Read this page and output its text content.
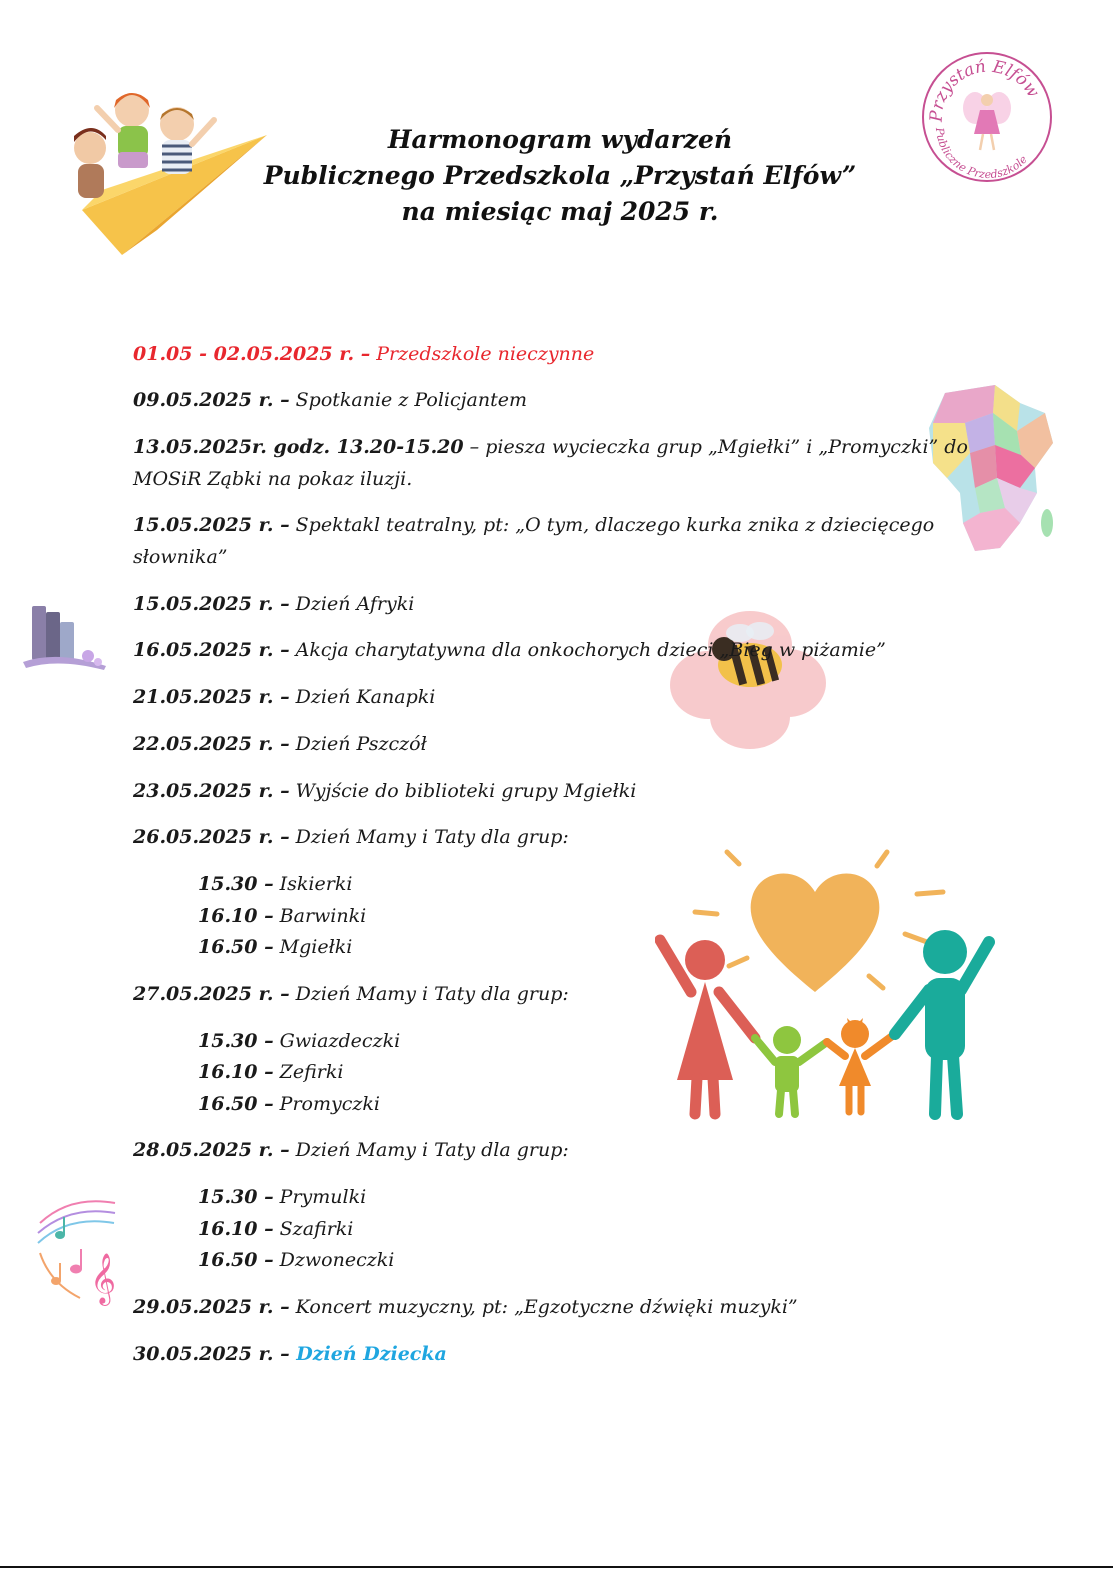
Harmonogram wydarzeń
Publicznego Przedszkola „Przystań Elfów”
na miesiąc maj 2025 r.
Przystań Elfów
Publiczne Przedszkole
𝄞
01.05 - 02.05.2025 r. – Przedszkole nieczynne
09.05.2025 r. – Spotkanie z Policjantem
13.05.2025r. godz. 13.20-15.20 – piesza wycieczka grup „Mgiełki” i „Promyczki” do
MOSiR Ząbki na pokaz iluzji.
15.05.2025 r. – Spektakl teatralny, pt: „O tym, dlaczego kurka znika z dziecięcego
słownika”
15.05.2025 r. – Dzień Afryki
16.05.2025 r. – Akcja charytatywna dla onkochorych dzieci „Bieg w piżamie”
21.05.2025 r. – Dzień Kanapki
22.05.2025 r. – Dzień Pszczół
23.05.2025 r. – Wyjście do biblioteki grupy Mgiełki
26.05.2025 r. – Dzień Mamy i Taty dla grup:
15.30 – Iskierki
16.10 – Barwinki
16.50 – Mgiełki
27.05.2025 r. – Dzień Mamy i Taty dla grup:
15.30 – Gwiazdeczki
16.10 – Zefirki
16.50 – Promyczki
28.05.2025 r. – Dzień Mamy i Taty dla grup:
15.30 – Prymulki
16.10 – Szafirki
16.50 – Dzwoneczki
29.05.2025 r. – Koncert muzyczny, pt: „Egzotyczne dźwięki muzyki”
30.05.2025 r. – Dzień Dziecka
